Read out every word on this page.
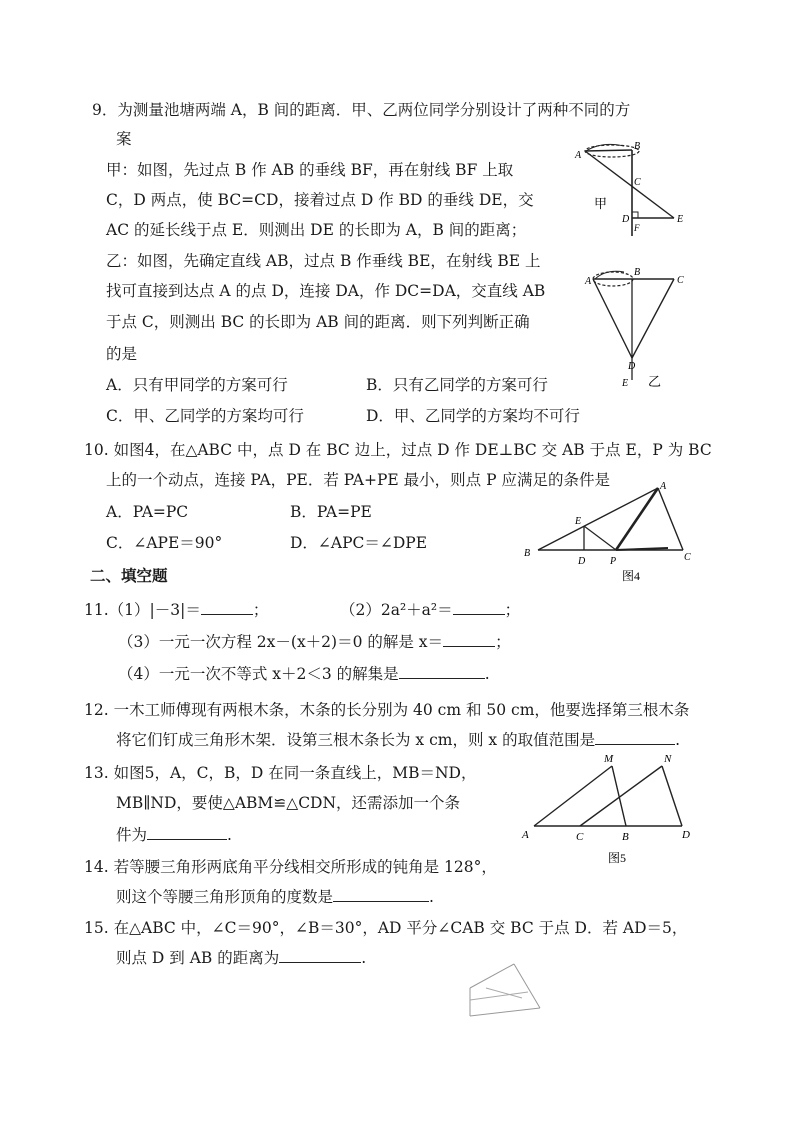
9．为测量池塘两端 A，B 间的距离．甲、乙两位同学分别设计了两种不同的方
案
甲：如图，先过点 B 作 AB 的垂线 BF，再在射线 BF 上取
C，D 两点，使 BC=CD，接着过点 D 作 BD 的垂线 DE，交
AC 的延长线于点 E．则测出 DE 的长即为 A，B 间的距离；
乙：如图，先确定直线 AB，过点 B 作垂线 BE，在射线 BE 上
找可直接到达点 A 的点 D，连接 DA，作 DC=DA，交直线 AB
于点 C，则测出 BC 的长即为 AB 间的距离．则下列判断正确
的是
A．只有甲同学的方案可行	B．只有乙同学的方案可行
C．甲、乙同学的方案均可行	D．甲、乙同学的方案均不可行
A
B
C
D
F
E
甲
A
B
C
D
E 乙
10. 如图4，在△ABC 中，点 D 在 BC 边上，过点 D 作 DE⊥BC 交 AB 于点 E，P 为 BC
上的一个动点，连接 PA，PE．若 PA+PE 最小，则点 P 应满足的条件是
A．PA=PC	B．PA=PE
C．∠APE＝90°	D．∠APC＝∠DPE
A
E
B
D P	C
图4
二、填空题
11.（1）|－3|＝	；	（2）2a²＋a²＝	；
（3）一元一次方程 2x－(x＋2)＝0 的解是 x＝	；
（4）一元一次不等式 x＋2＜3 的解集是	.
12. 一木工师傅现有两根木条，木条的长分别为 40 cm 和 50 cm，他要选择第三根木条
将它们钉成三角形木架．设第三根木条长为 x cm，则 x 的取值范围是	.
13. 如图5，A，C，B，D 在同一条直线上，MB＝ND，
MB∥ND，要使△ABM≌△CDN，还需添加一个条
件为	.
M	N
A	C	B	D
图5
14. 若等腰三角形两底角平分线相交所形成的钝角是 128°，
则这个等腰三角形顶角的度数是	.
15. 在△ABC 中，∠C＝90°，∠B＝30°，AD 平分∠CAB 交 BC 于点 D．若 AD＝5，
则点 D 到 AB 的距离为	.
